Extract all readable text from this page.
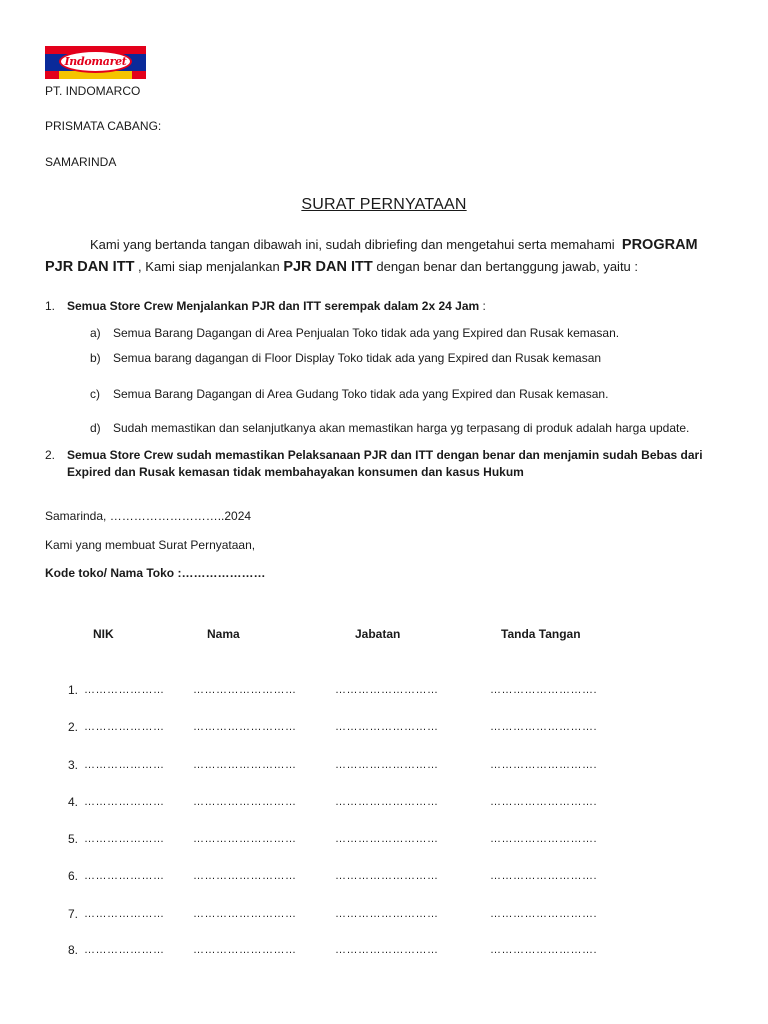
Indomaret
PT. INDOMARCO
PRISMATA CABANG:
SAMARINDA
SURAT PERNYATAAN
Kami yang bertanda tangan dibawah ini, sudah dibriefing dan mengetahui serta memahami PROGRAM
PJR DAN ITT , Kami siap menjalankan PJR DAN ITT dengan benar dan bertanggung jawab, yaitu :
1. Semua Store Crew Menjalankan PJR dan ITT serempak dalam 2x 24 Jam :
a) Semua Barang Dagangan di Area Penjualan Toko tidak ada yang Expired dan Rusak kemasan.
b) Semua barang dagangan di Floor Display Toko tidak ada yang Expired dan Rusak kemasan
c) Semua Barang Dagangan di Area Gudang Toko tidak ada yang Expired dan Rusak kemasan.
d) Sudah memastikan dan selanjutkanya akan memastikan harga yg terpasang di produk adalah harga update.
2. Semua Store Crew sudah memastikan Pelaksanaan PJR dan ITT dengan benar dan menjamin sudah Bebas dari
Expired dan Rusak kemasan tidak membahayakan konsumen dan kasus Hukum
Samarinda, ………………………..2024
Kami yang membuat Surat Pernyataan,
Kode toko/ Nama Toko :…………………
NIK	Nama	Jabatan	Tanda Tangan
1. …………………	………………………	………………………	……………………….
2. …………………	………………………	………………………	……………………….
3. …………………	………………………	………………………	……………………….
4. …………………	………………………	………………………	……………………….
5. …………………	………………………	………………………	……………………….
6. …………………	………………………	………………………	……………………….
7. …………………	………………………	………………………	……………………….
8. …………………	………………………	………………………	……………………….
